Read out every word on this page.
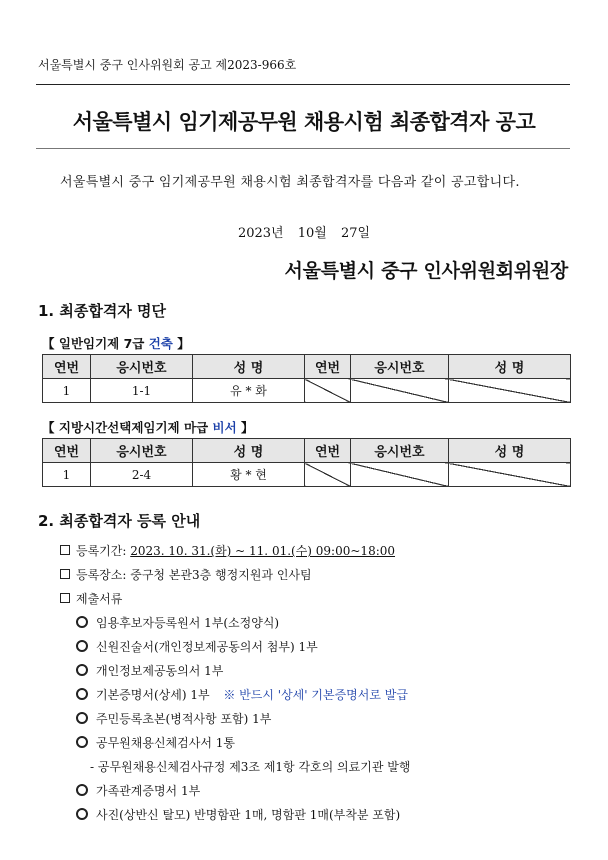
서울특별시 중구 인사위원회 공고 제2023-966호
서울특별시 임기제공무원 채용시험 최종합격자 공고
서울특별시 중구 임기제공무원 채용시험 최종합격자를 다음과 같이 공고합니다.
2023년 10월 27일
서울특별시 중구 인사위원회위원장
1. 최종합격자 명단
【 일반임기제 7급 건축 】
연번	응시번호	성 명	연번	응시번호	성 명
1	1-1	유 * 화			
【 지방시간선택제임기제 마급 비서 】
연번	응시번호	성 명	연번	응시번호	성 명
1	2-4	황 * 현			
2. 최종합격자 등록 안내
등록기간: 2023. 10. 31.(화) ~ 11. 01.(수) 09:00~18:00
등록장소: 중구청 본관3층 행정지원과 인사팀
제출서류
임용후보자등록원서 1부(소정양식)
신원진술서(개인정보제공동의서 첨부) 1부
개인정보제공동의서 1부
기본증명서(상세) 1부 ※ 반드시 '상세' 기본증명서로 발급
주민등록초본(병적사항 포함) 1부
공무원채용신체검사서 1통
- 공무원채용신체검사규정 제3조 제1항 각호의 의료기관 발행
가족관계증명서 1부
사진(상반신 탈모) 반명함판 1매, 명함판 1매(부착분 포함)
